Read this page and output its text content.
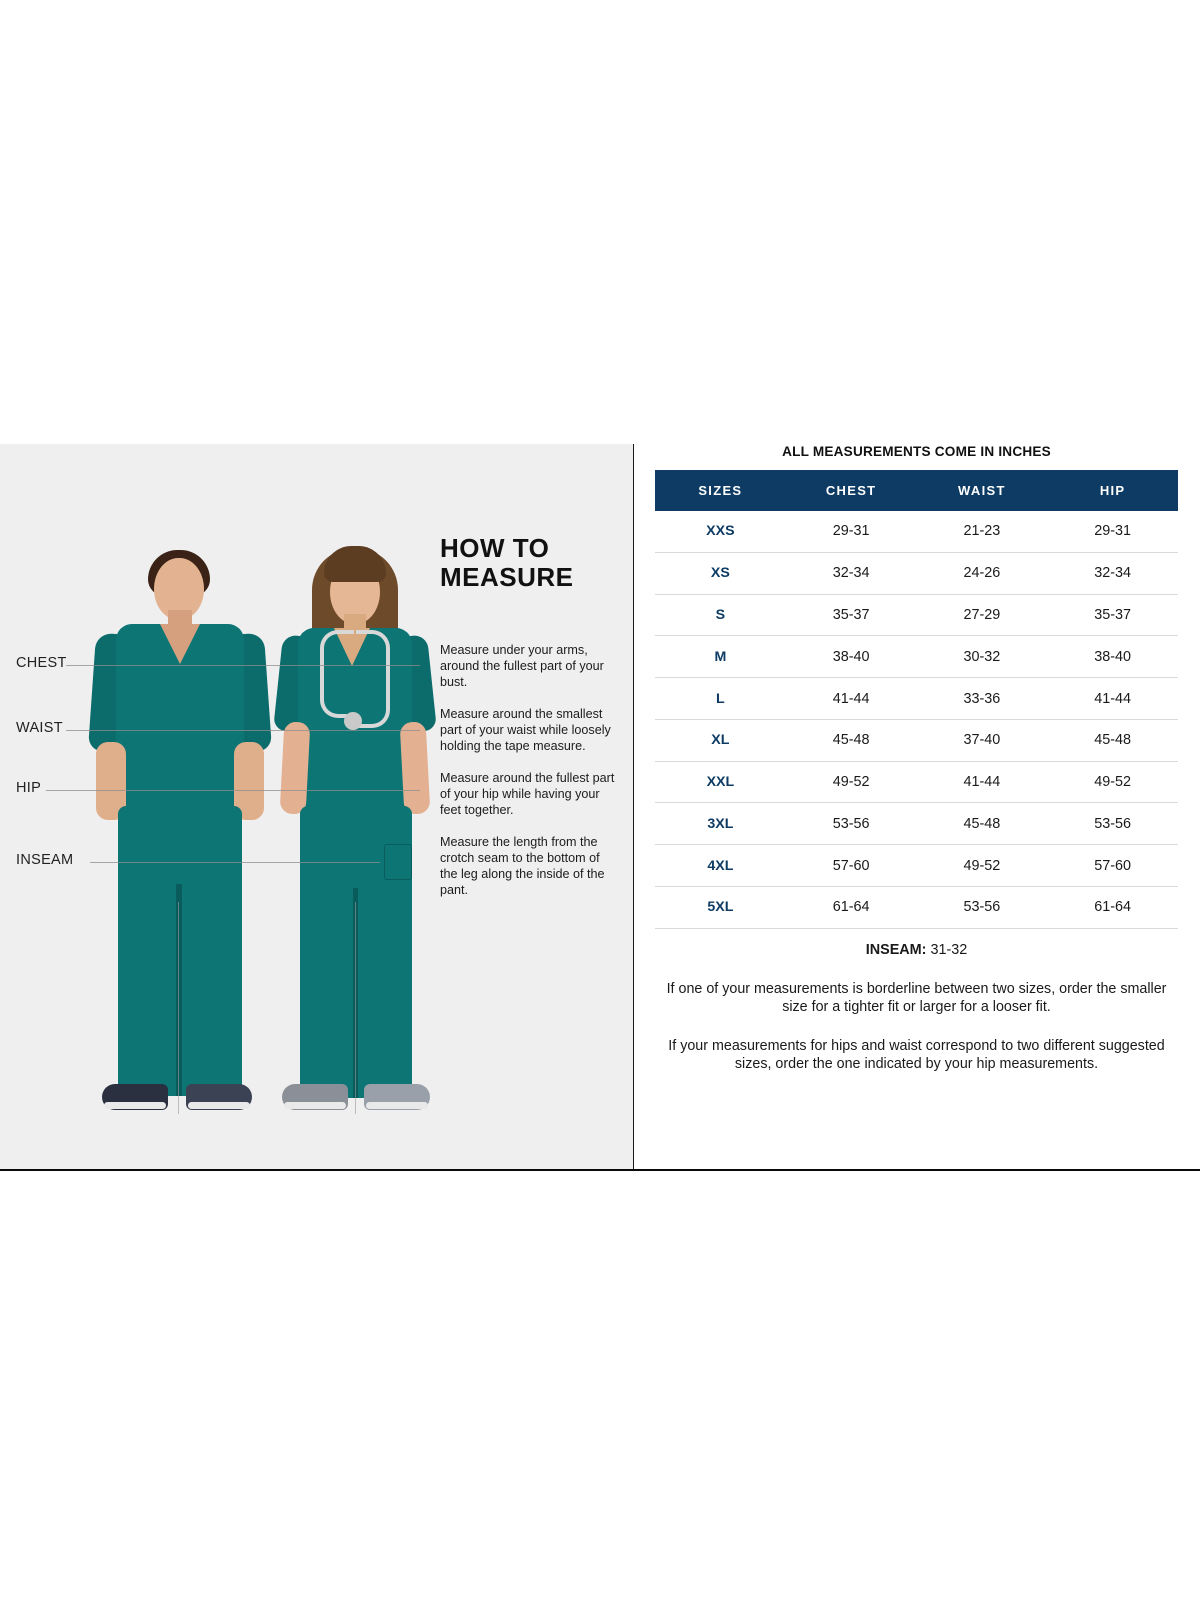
CHEST
WAIST
HIP
INSEAM
HOW TO
MEASURE
Measure under your arms, around the fullest part of your bust.
Measure around the smallest part of your waist while loosely holding the tape measure.
Measure around the fullest part of your hip while having your feet together.
Measure the length from the crotch seam to the bottom of the leg along the inside of the pant.
ALL MEASUREMENTS COME IN INCHES
SIZES	CHEST	WAIST	HIP
XXS	29-31	21-23	29-31
XS	32-34	24-26	32-34
S	35-37	27-29	35-37
M	38-40	30-32	38-40
L	41-44	33-36	41-44
XL	45-48	37-40	45-48
XXL	49-52	41-44	49-52
3XL	53-56	45-48	53-56
4XL	57-60	49-52	57-60
5XL	61-64	53-56	61-64
INSEAM: 31-32
If one of your measurements is borderline between two sizes, order the smaller size for a tighter fit or larger for a looser fit.
If your measurements for hips and waist correspond to two different suggested sizes, order the one indicated by your hip measurements.
